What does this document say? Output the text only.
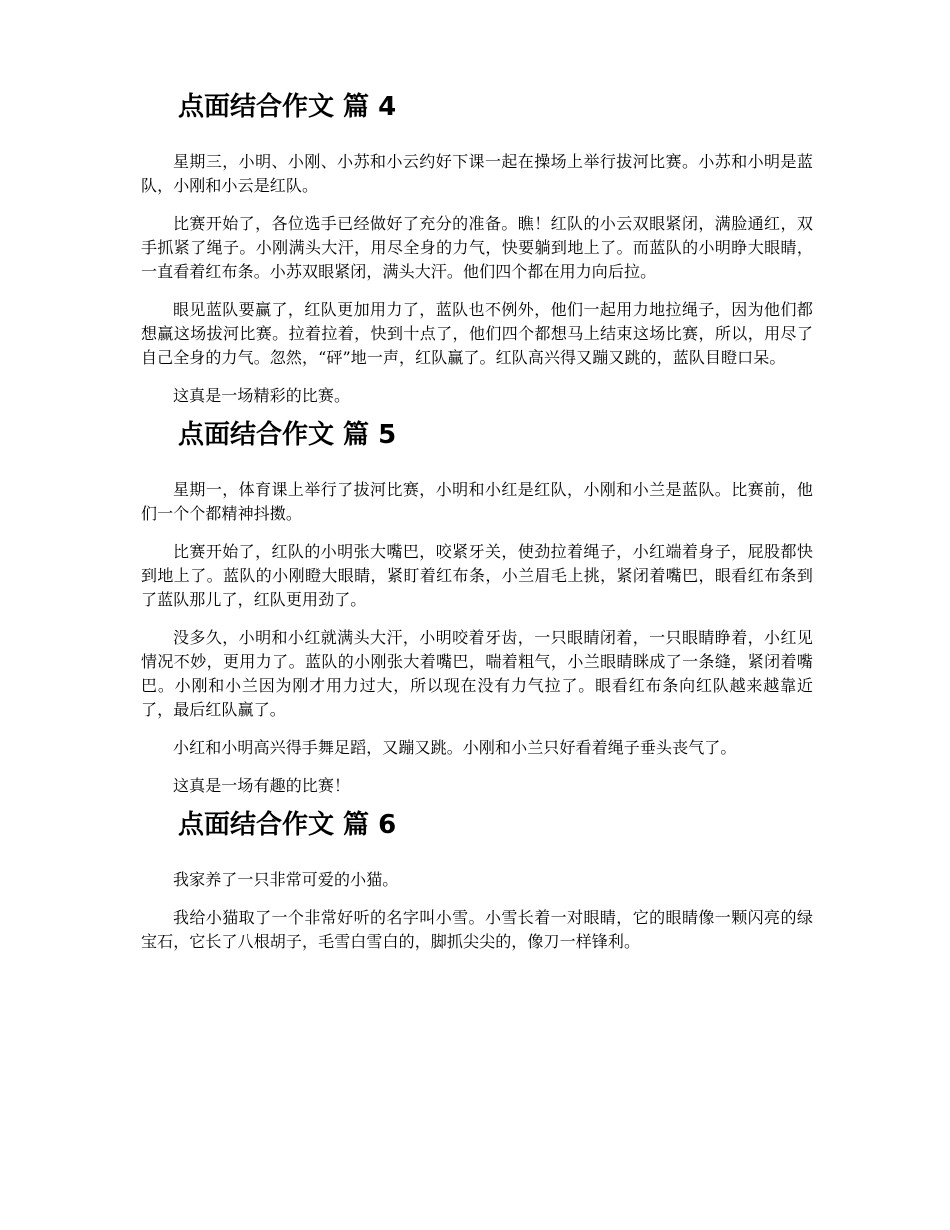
点面结合作文 篇 4

星期三，小明、小刚、小苏和小云约好下课一起在操场上举行拔河比赛。小苏和小明是蓝队，小刚和小云是红队。

比赛开始了，各位选手已经做好了充分的准备。瞧！红队的小云双眼紧闭，满脸通红，双手抓紧了绳子。小刚满头大汗，用尽全身的力气，快要躺到地上了。而蓝队的小明睁大眼睛，一直看着红布条。小苏双眼紧闭，满头大汗。他们四个都在用力向后拉。

眼见蓝队要赢了，红队更加用力了，蓝队也不例外，他们一起用力地拉绳子，因为他们都想赢这场拔河比赛。拉着拉着，快到十点了，他们四个都想马上结束这场比赛，所以，用尽了自己全身的力气。忽然，“砰”地一声，红队赢了。红队高兴得又蹦又跳的，蓝队目瞪口呆。

这真是一场精彩的比赛。

点面结合作文 篇 5

星期一，体育课上举行了拔河比赛，小明和小红是红队，小刚和小兰是蓝队。比赛前，他们一个个都精神抖擞。

比赛开始了，红队的小明张大嘴巴，咬紧牙关，使劲拉着绳子，小红端着身子，屁股都快到地上了。蓝队的小刚瞪大眼睛，紧盯着红布条，小兰眉毛上挑，紧闭着嘴巴，眼看红布条到了蓝队那儿了，红队更用劲了。

没多久，小明和小红就满头大汗，小明咬着牙齿，一只眼睛闭着，一只眼睛睁着，小红见情况不妙，更用力了。蓝队的小刚张大着嘴巴，喘着粗气，小兰眼睛眯成了一条缝，紧闭着嘴巴。小刚和小兰因为刚才用力过大，所以现在没有力气拉了。眼看红布条向红队越来越靠近了，最后红队赢了。

小红和小明高兴得手舞足蹈，又蹦又跳。小刚和小兰只好看着绳子垂头丧气了。

这真是一场有趣的比赛！

点面结合作文 篇 6

我家养了一只非常可爱的小猫。

我给小猫取了一个非常好听的名字叫小雪。小雪长着一对眼睛，它的眼睛像一颗闪亮的绿宝石，它长了八根胡子，毛雪白雪白的，脚抓尖尖的，像刀一样锋利。
